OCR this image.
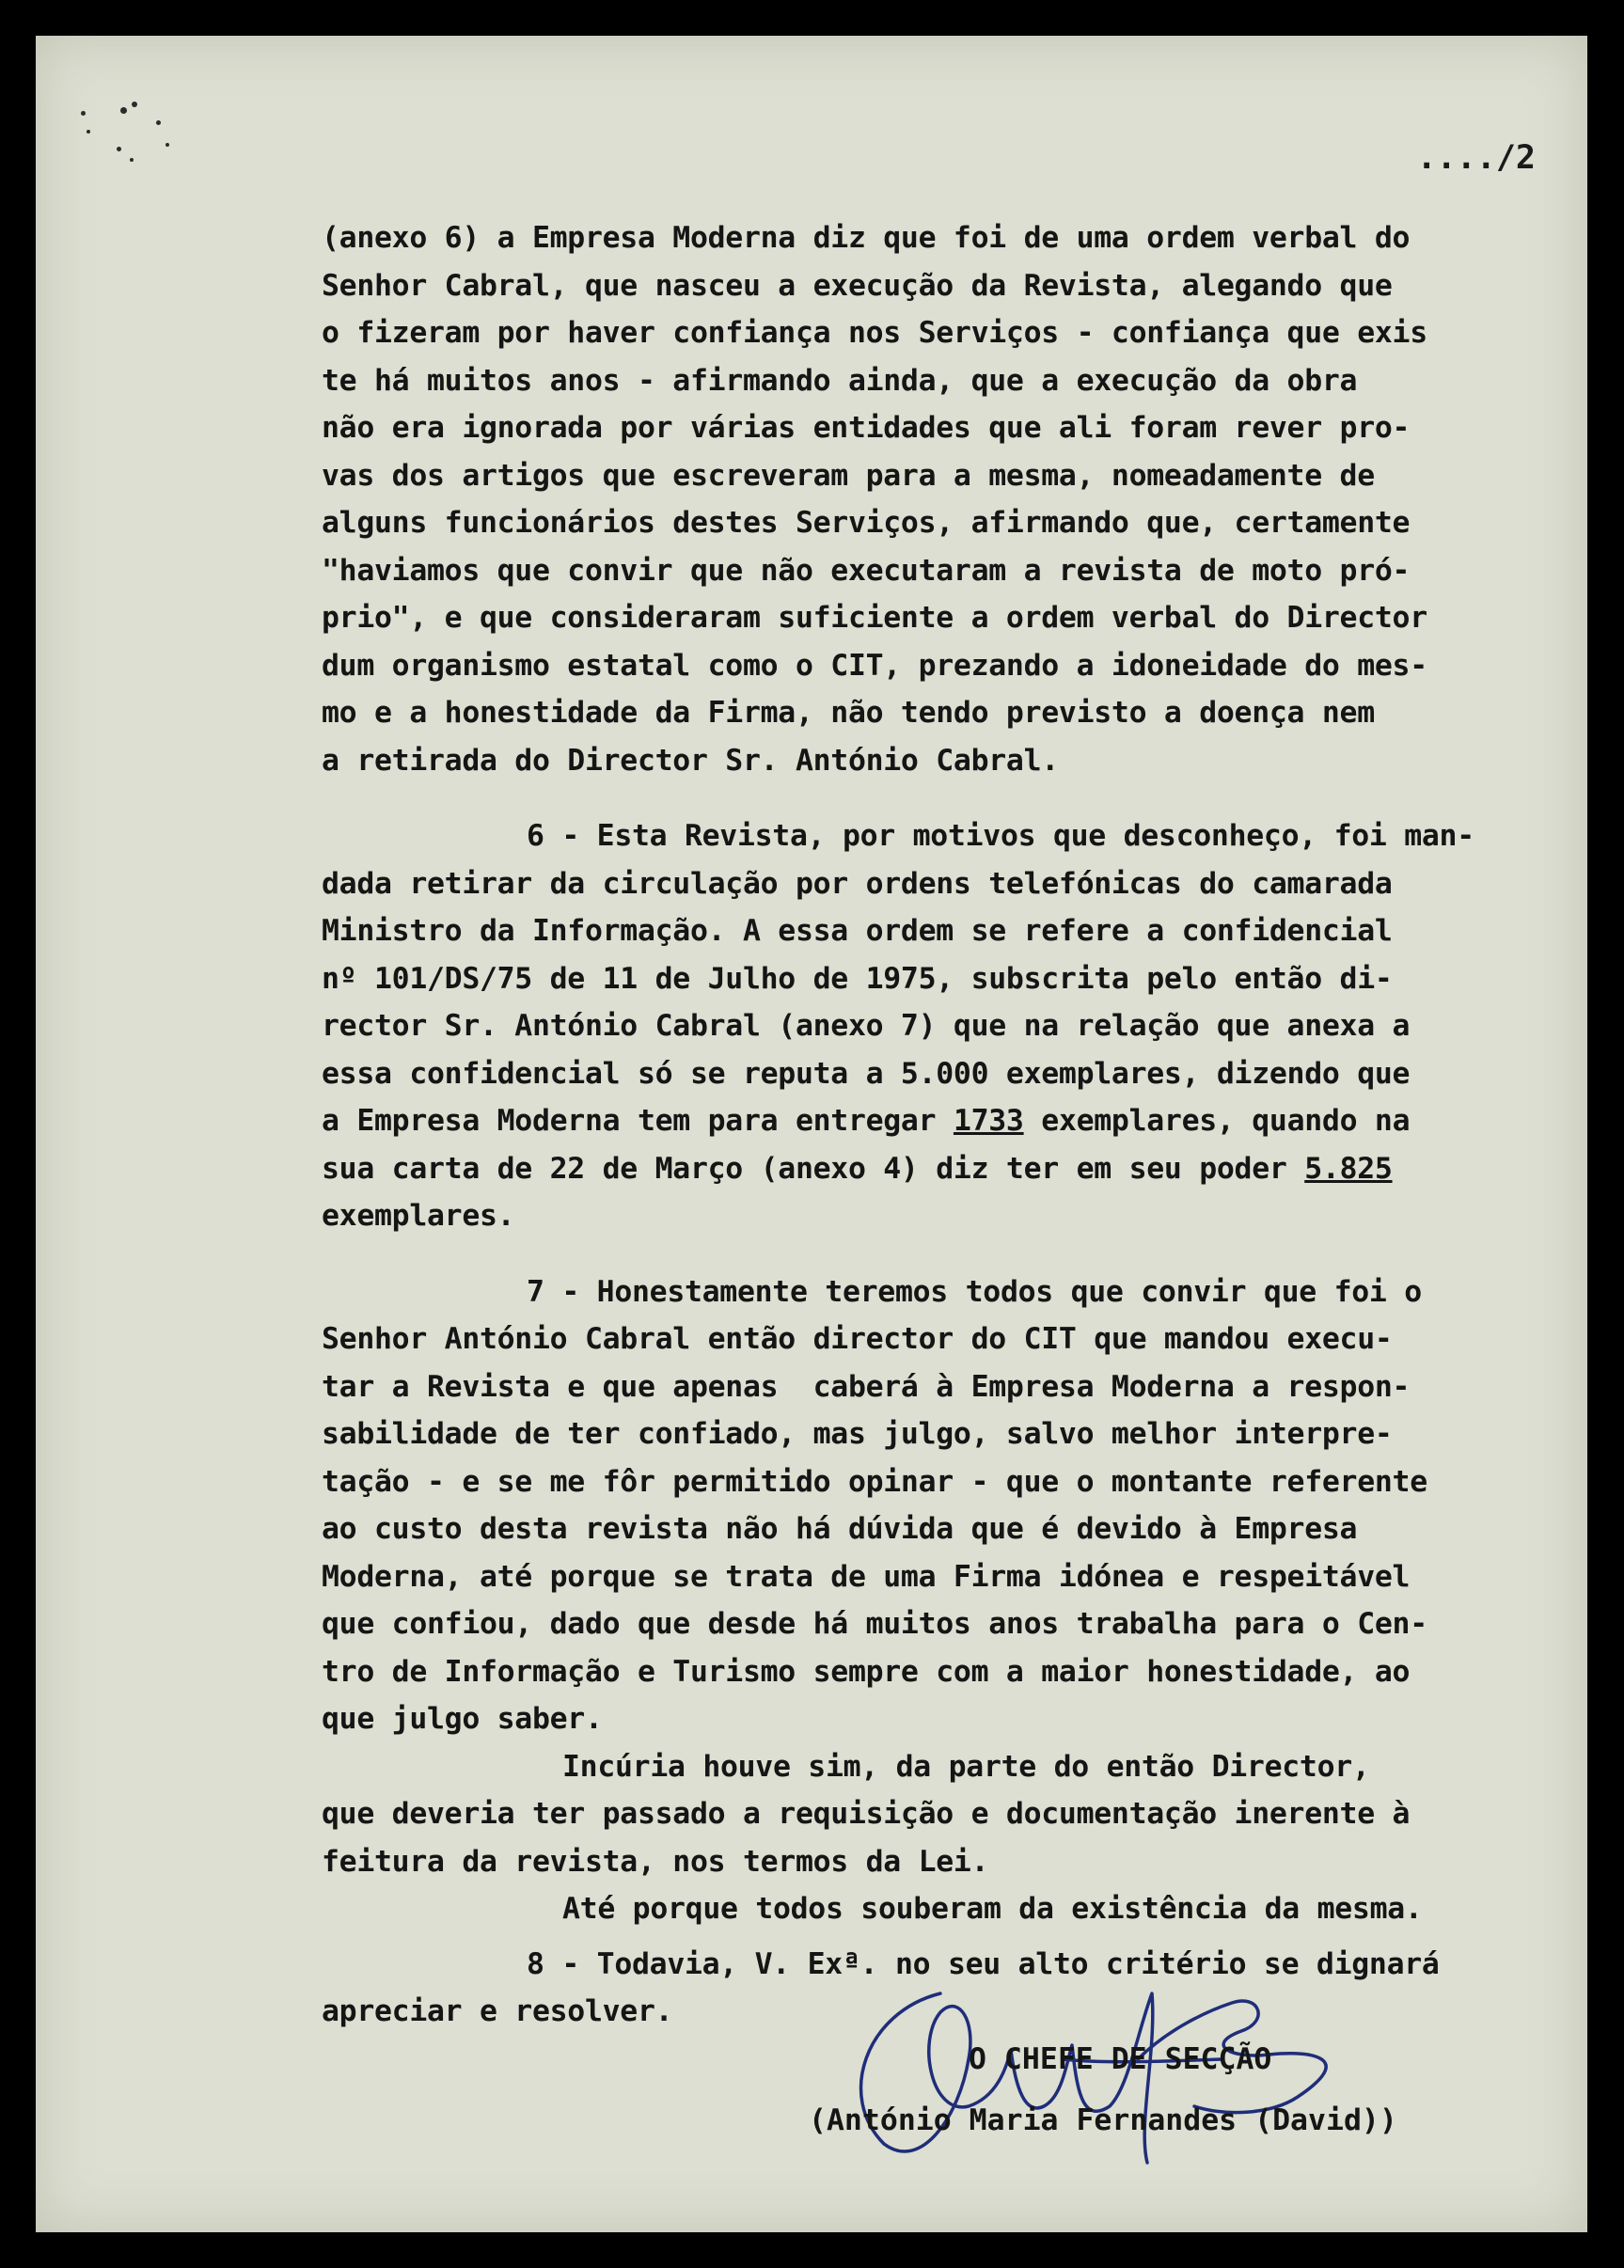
..../2
(anexo 6) a Empresa Moderna diz que foi de uma ordem verbal do
Senhor Cabral, que nasceu a execução da Revista, alegando que
o fizeram por haver confiança nos Serviços - confiança que exis
te há muitos anos - afirmando ainda, que a execução da obra
não era ignorada por várias entidades que ali foram rever pro-
vas dos artigos que escreveram para a mesma, nomeadamente de
alguns funcionários destes Serviços, afirmando que, certamente
"haviamos que convir que não executaram a revista de moto pró-
prio", e que consideraram suficiente a ordem verbal do Director
dum organismo estatal como o CIT, prezando a idoneidade do mes-
mo e a honestidade da Firma, não tendo previsto a doença nem
a retirada do Director Sr. António Cabral.
6 - Esta Revista, por motivos que desconheço, foi man-
dada retirar da circulação por ordens telefónicas do camarada
Ministro da Informação. A essa ordem se refere a confidencial
nº 101/DS/75 de 11 de Julho de 1975, subscrita pelo então di-
rector Sr. António Cabral (anexo 7) que na relação que anexa a
essa confidencial só se reputa a 5.000 exemplares, dizendo que
a Empresa Moderna tem para entregar 1733 exemplares, quando na
sua carta de 22 de Março (anexo 4) diz ter em seu poder 5.825
exemplares.
7 - Honestamente teremos todos que convir que foi o
Senhor António Cabral então director do CIT que mandou execu-
tar a Revista e que apenas  caberá à Empresa Moderna a respon-
sabilidade de ter confiado, mas julgo, salvo melhor interpre-
tação - e se me fôr permitido opinar - que o montante referente
ao custo desta revista não há dúvida que é devido à Empresa
Moderna, até porque se trata de uma Firma idónea e respeitável
que confiou, dado que desde há muitos anos trabalha para o Cen-
tro de Informação e Turismo sempre com a maior honestidade, ao
que julgo saber.
Incúria houve sim, da parte do então Director,
que deveria ter passado a requisição e documentação inerente à
feitura da revista, nos termos da Lei.
Até porque todos souberam da existência da mesma.
8 - Todavia, V. Exª. no seu alto critério se dignará
apreciar e resolver.
O CHEFE DE SECÇÃO
(António Maria Fernandes (David))
